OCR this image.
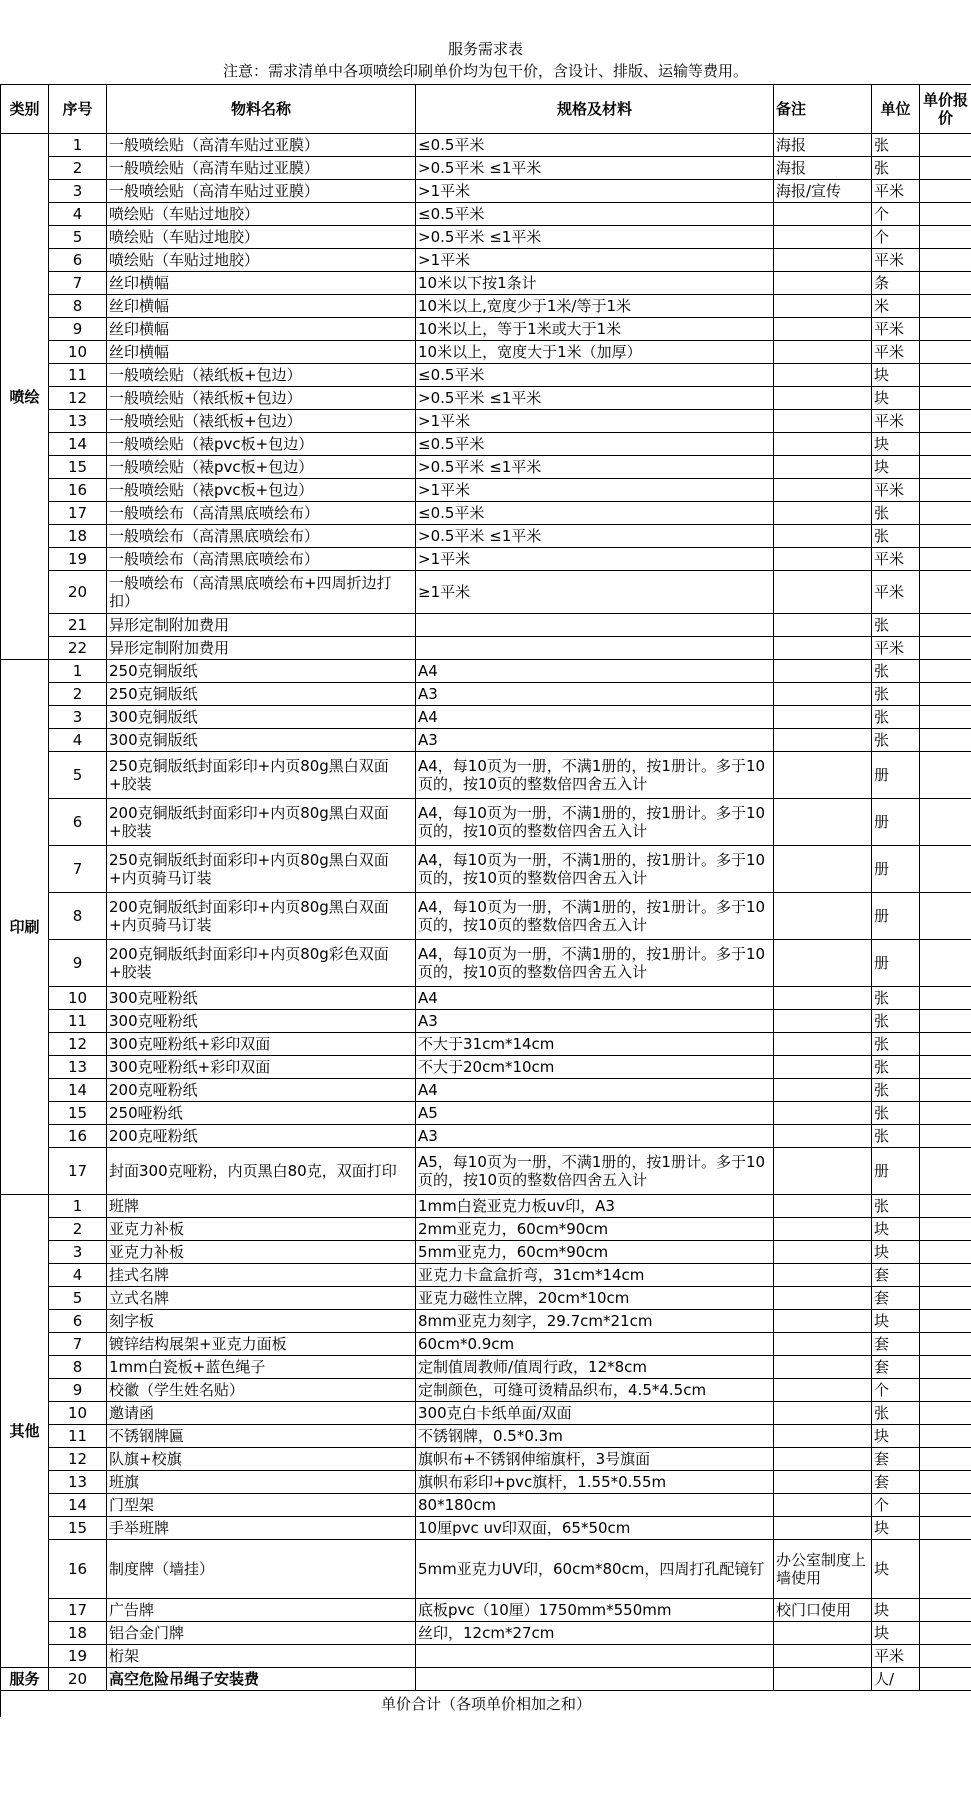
服务需求表
注意：需求清单中各项喷绘印刷单价均为包干价，含设计、排版、运输等费用。
类别	序号	物料名称	规格及材料	备注	单位	单价报价
喷绘	1	一般喷绘贴（高清车贴过亚膜）	≤0.5平米	海报	张	
	2	一般喷绘贴（高清车贴过亚膜）	>0.5平米 ≤1平米	海报	张	
	3	一般喷绘贴（高清车贴过亚膜）	>1平米	海报/宣传	平米	
	4	喷绘贴（车贴过地胶）	≤0.5平米		个	
	5	喷绘贴（车贴过地胶）	>0.5平米 ≤1平米		个	
	6	喷绘贴（车贴过地胶）	>1平米		平米	
	7	丝印横幅	10米以下按1条计		条	
	8	丝印横幅	10米以上,宽度少于1米/等于1米		米	
	9	丝印横幅	10米以上，等于1米或大于1米		平米	
	10	丝印横幅	10米以上，宽度大于1米（加厚）		平米	
	11	一般喷绘贴（裱纸板+包边）	≤0.5平米		块	
	12	一般喷绘贴（裱纸板+包边）	>0.5平米 ≤1平米		块	
	13	一般喷绘贴（裱纸板+包边）	>1平米		平米	
	14	一般喷绘贴（裱pvc板+包边）	≤0.5平米		块	
	15	一般喷绘贴（裱pvc板+包边）	>0.5平米 ≤1平米		块	
	16	一般喷绘贴（裱pvc板+包边）	>1平米		平米	
	17	一般喷绘布（高清黑底喷绘布）	≤0.5平米		张	
	18	一般喷绘布（高清黑底喷绘布）	>0.5平米 ≤1平米		张	
	19	一般喷绘布（高清黑底喷绘布）	>1平米		平米	
	20	一般喷绘布（高清黑底喷绘布+四周折边打扣）	≥1平米		平米	
	21	异形定制附加费用			张	
	22	异形定制附加费用			平米	
印刷	1	250克铜版纸	A4		张	
	2	250克铜版纸	A3		张	
	3	300克铜版纸	A4		张	
	4	300克铜版纸	A3		张	
	5	250克铜版纸封面彩印+内页80g黑白双面+胶装	A4，每10页为一册，不满1册的，按1册计。多于10页的，按10页的整数倍四舍五入计		册	
	6	200克铜版纸封面彩印+内页80g黑白双面+胶装	A4，每10页为一册，不满1册的，按1册计。多于10页的，按10页的整数倍四舍五入计		册	
	7	250克铜版纸封面彩印+内页80g黑白双面+内页骑马订装	A4，每10页为一册，不满1册的，按1册计。多于10页的，按10页的整数倍四舍五入计		册	
	8	200克铜版纸封面彩印+内页80g黑白双面+内页骑马订装	A4，每10页为一册，不满1册的，按1册计。多于10页的，按10页的整数倍四舍五入计		册	
	9	200克铜版纸封面彩印+内页80g彩色双面+胶装	A4，每10页为一册，不满1册的，按1册计。多于10页的，按10页的整数倍四舍五入计		册	
	10	300克哑粉纸	A4		张	
	11	300克哑粉纸	A3		张	
	12	300克哑粉纸+彩印双面	不大于31cm*14cm		张	
	13	300克哑粉纸+彩印双面	不大于20cm*10cm		张	
	14	200克哑粉纸	A4		张	
	15	250哑粉纸	A5		张	
	16	200克哑粉纸	A3		张	
	17	封面300克哑粉，内页黑白80克，双面打印	A5，每10页为一册，不满1册的，按1册计。多于10页的，按10页的整数倍四舍五入计		册	
其他	1	班牌	1mm白瓷亚克力板uv印，A3		张	
	2	亚克力补板	2mm亚克力，60cm*90cm		块	
	3	亚克力补板	5mm亚克力，60cm*90cm		块	
	4	挂式名牌	亚克力卡盒盒折弯，31cm*14cm		套	
	5	立式名牌	亚克力磁性立牌，20cm*10cm		套	
	6	刻字板	8mm亚克力刻字，29.7cm*21cm		块	
	7	镀锌结构展架+亚克力面板	60cm*0.9cm		套	
	8	1mm白瓷板+蓝色绳子	定制值周教师/值周行政，12*8cm		套	
	9	校徽（学生姓名贴）	定制颜色，可缝可烫精品织布，4.5*4.5cm		个	
	10	邀请函	300克白卡纸单面/双面		张	
	11	不锈钢牌匾	不锈钢牌，0.5*0.3m		块	
	12	队旗+校旗	旗帜布+不锈钢伸缩旗杆，3号旗面		套	
	13	班旗	旗帜布彩印+pvc旗杆，1.55*0.55m		套	
	14	门型架	80*180cm		个	
	15	手举班牌	10厘pvc uv印双面，65*50cm		块	
	16	制度牌（墙挂）	5mm亚克力UV印，60cm*80cm，四周打孔配镜钉	办公室制度上墙使用	块	
	17	广告牌	底板pvc（10厘）1750mm*550mm	校门口使用	块	
	18	铝合金门牌	丝印，12cm*27cm		块	
	19	桁架			平米	
服务	20	高空危险吊绳子安装费			人/	
单价合计（各项单价相加之和）						
